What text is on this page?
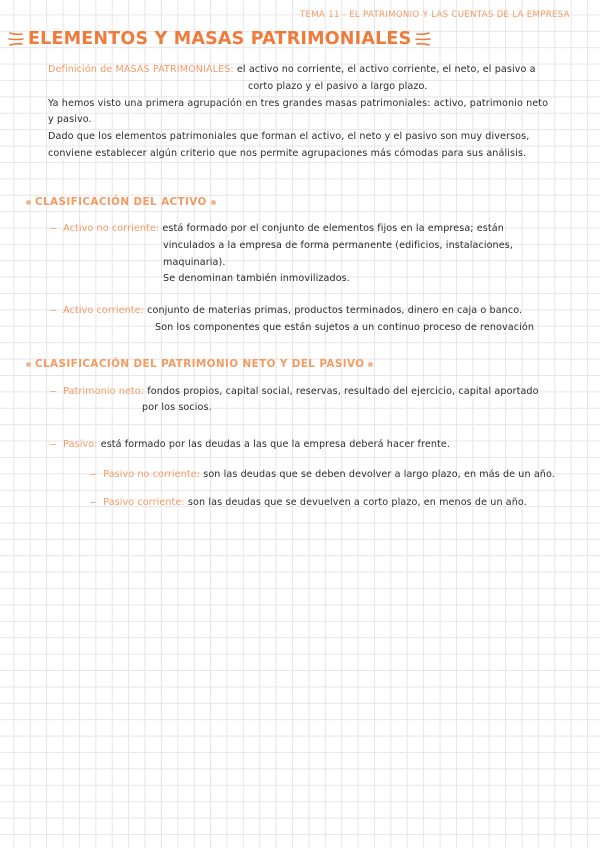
TEMA 11 - EL PATRIMONIO Y LAS CUENTAS DE LA EMPRESA
ELEMENTOS Y MASAS PATRIMONIALES
Definición de MASAS PATRIMONIALES: el activo no corriente, el activo corriente, el neto, el pasivo a
corto plazo y el pasivo a largo plazo.
Ya hemos visto una primera agrupación en tres grandes masas patrimoniales: activo, patrimonio neto
y pasivo.
Dado que los elementos patrimoniales que forman el activo, el neto y el pasivo son muy diversos,
conviene establecer algún criterio que nos permite agrupaciones más cómodas para sus análisis.
CLASIFICACIÓN DEL ACTIVO
Activo no corriente: está formado por el conjunto de elementos fijos en la empresa; están
vinculados a la empresa de forma permanente (edificios, instalaciones,
maquinaria).
Se denominan también inmovilizados.
Activo corriente: conjunto de materias primas, productos terminados, dinero en caja o banco.
Son los componentes que están sujetos a un continuo proceso de renovación
CLASIFICACIÓN DEL PATRIMONIO NETO Y DEL PASIVO
Patrimonio neto: fondos propios, capital social, reservas, resultado del ejercicio, capital aportado
por los socios.
Pasivo: está formado por las deudas a las que la empresa deberá hacer frente.
Pasivo no corriente: son las deudas que se deben devolver a largo plazo, en más de un año.
Pasivo corriente: son las deudas que se devuelven a corto plazo, en menos de un año.
